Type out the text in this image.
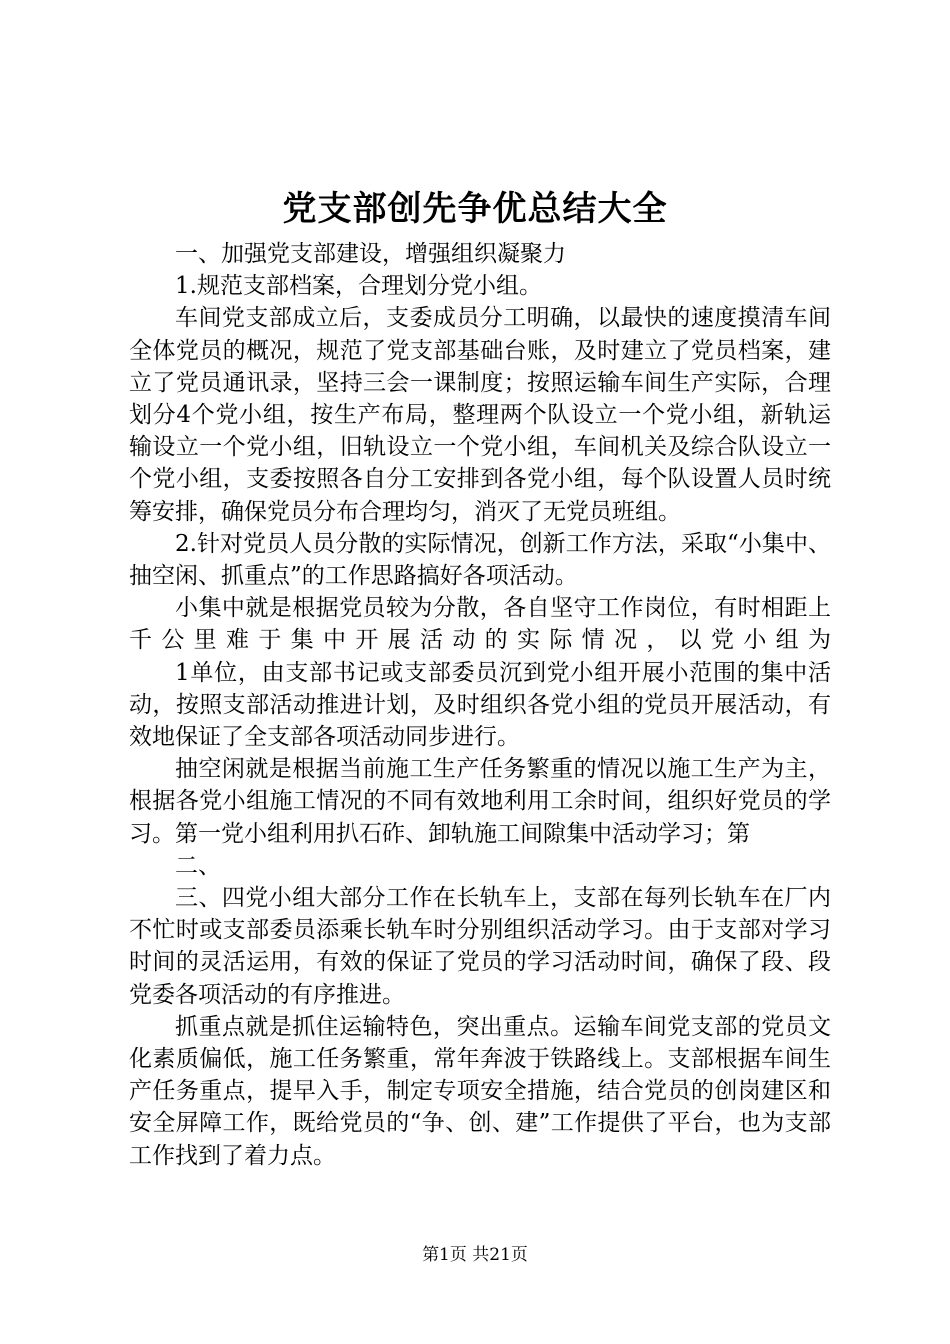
党支部创先争优总结大全

一、加强党支部建设，增强组织凝聚力

1.规范支部档案，合理划分党小组。

车间党支部成立后，支委成员分工明确，以最快的速度摸清车间全体党员的概况，规范了党支部基础台账，及时建立了党员档案，建立了党员通讯录，坚持三会一课制度；按照运输车间生产实际，合理划分4个党小组，按生产布局，整理两个队设立一个党小组，新轨运输设立一个党小组，旧轨设立一个党小组，车间机关及综合队设立一个党小组，支委按照各自分工安排到各党小组，每个队设置人员时统筹安排，确保党员分布合理均匀，消灭了无党员班组。

2.针对党员人员分散的实际情况，创新工作方法，采取“小集中、抽空闲、抓重点”的工作思路搞好各项活动。

小集中就是根据党员较为分散，各自坚守工作岗位，有时相距上千公里难于集中开展活动的实际情况，以党小组为

1单位，由支部书记或支部委员沉到党小组开展小范围的集中活动，按照支部活动推进计划，及时组织各党小组的党员开展活动，有效地保证了全支部各项活动同步进行。

抽空闲就是根据当前施工生产任务繁重的情况以施工生产为主，根据各党小组施工情况的不同有效地利用工余时间，组织好党员的学习。第一党小组利用扒石砟、卸轨施工间隙集中活动学习；第

二、

三、四党小组大部分工作在长轨车上，支部在每列长轨车在厂内不忙时或支部委员添乘长轨车时分别组织活动学习。由于支部对学习时间的灵活运用，有效的保证了党员的学习活动时间，确保了段、段党委各项活动的有序推进。

抓重点就是抓住运输特色，突出重点。运输车间党支部的党员文化素质偏低，施工任务繁重，常年奔波于铁路线上。支部根据车间生产任务重点，提早入手，制定专项安全措施，结合党员的创岗建区和安全屏障工作，既给党员的“争、创、建”工作提供了平台，也为支部工作找到了着力点。

第1页 共21页
